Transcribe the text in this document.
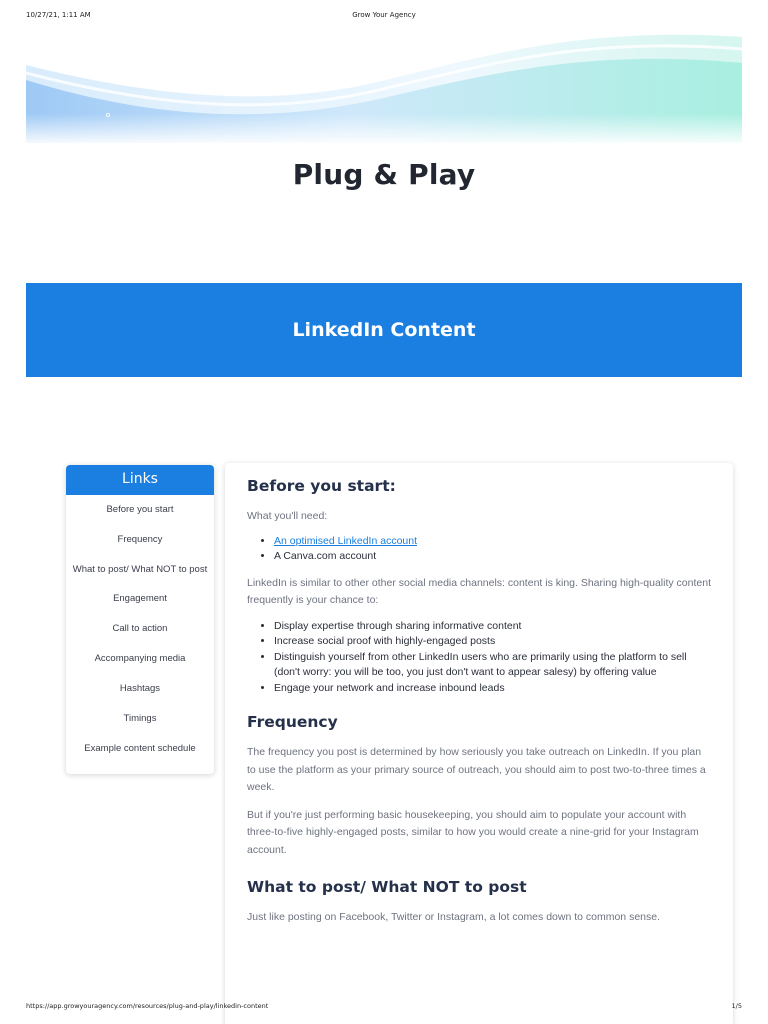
10/27/21, 1:11 AM	Grow Your Agency
Plug & Play
LinkedIn Content
Links
Before you start
Frequency
What to post/ What NOT to post
Engagement
Call to action
Accompanying media
Hashtags
Timings
Example content schedule
Before you start:

What you'll need:

• An optimised LinkedIn account
• A Canva.com account

LinkedIn is similar to other other social media channels: content is king. Sharing high-quality content frequently is your chance to:

• Display expertise through sharing informative content
• Increase social proof with highly-engaged posts
• Distinguish yourself from other LinkedIn users who are primarily using the platform to sell (don't worry: you will be too, you just don't want to appear salesy) by offering value
• Engage your network and increase inbound leads
Frequency

The frequency you post is determined by how seriously you take outreach on LinkedIn. If you plan to use the platform as your primary source of outreach, you should aim to post two-to-three times a week.

But if you're just performing basic housekeeping, you should aim to populate your account with three-to-five highly-engaged posts, similar to how you would create a nine-grid for your Instagram account.

What to post/ What NOT to post

Just like posting on Facebook, Twitter or Instagram, a lot comes down to common sense.

https://app.growyouragency.com/resources/plug-and-play/linkedin-content	1/5
